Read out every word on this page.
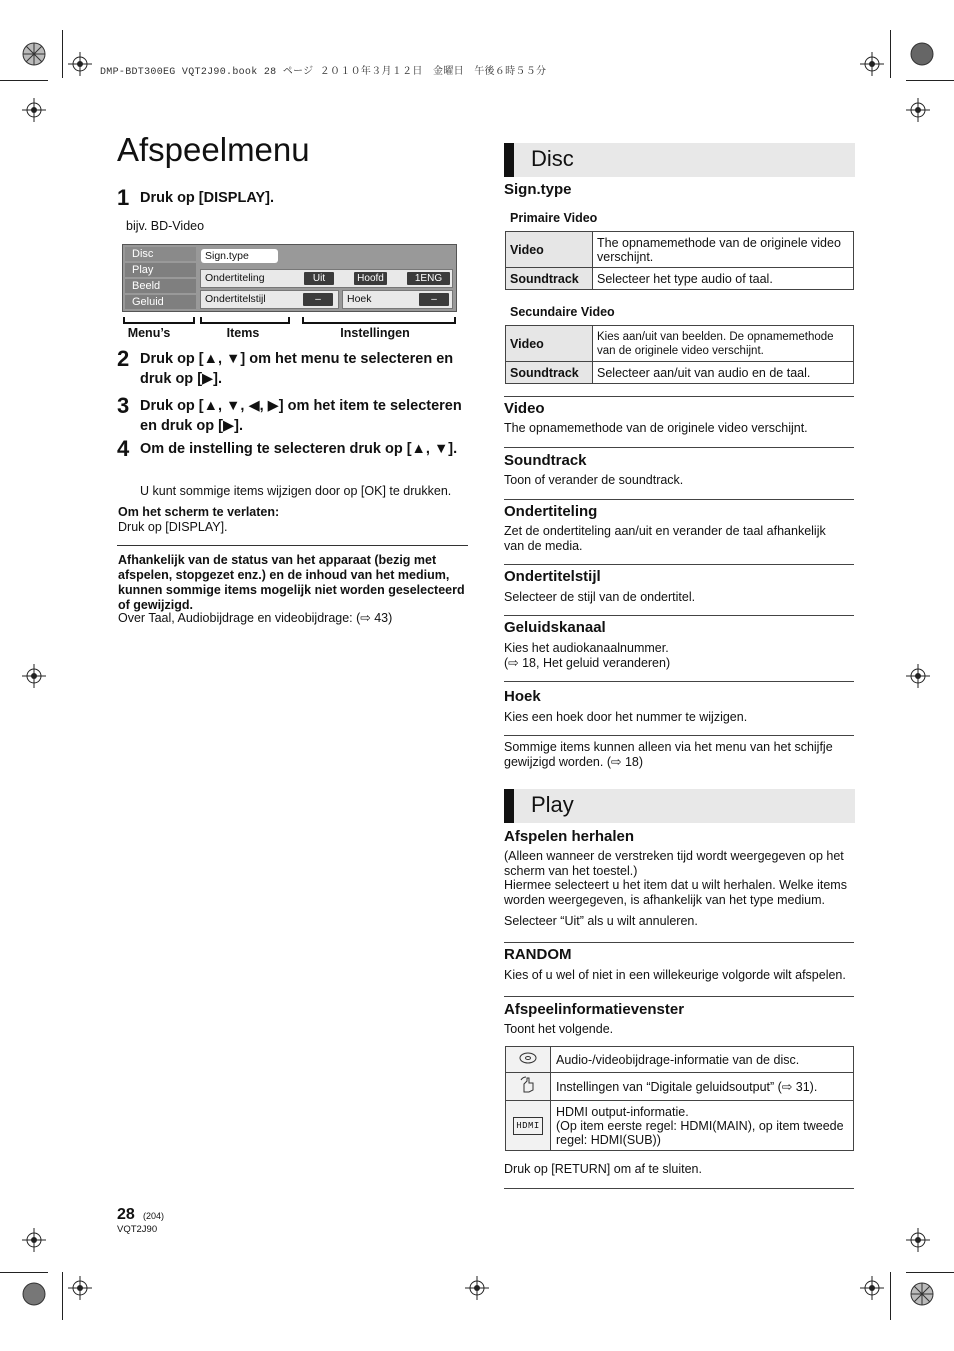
DMP-BDT300EG VQT2J90.book 28 ページ ２０１０年３月１２日　金曜日　午後６時５５分
Afspeelmenu
1 Druk op [DISPLAY].
bijv. BD-Video
Disc
Play
Beeld
Geluid
Sign.type
Ondertiteling	Uit	Hoofd	1ENG
Ondertitelstijl	–	Hoek	–
Menu’s	Items	Instellingen
2 Druk op [▲, ▼] om het menu te selecteren en druk op [▶].
3 Druk op [▲, ▼, ◀, ▶] om het item te selecteren en druk op [▶].
4 Om de instelling te selecteren druk op [▲, ▼].
U kunt sommige items wijzigen door op [OK] te drukken.
Om het scherm te verlaten:
Druk op [DISPLAY].
Afhankelijk van de status van het apparaat (bezig met afspelen, stopgezet enz.) en de inhoud van het medium, kunnen sommige items mogelijk niet worden geselecteerd of gewijzigd.
Over Taal, Audiobijdrage en videobijdrage: (⇨ 43)
Disc
Sign.type
Primaire Video
Video	The opnamemethode van de originele video verschijnt.
Soundtrack	Selecteer het type audio of taal.
Secundaire Video
Video	Kies aan/uit van beelden. De opnamemethode van de originele video verschijnt.
Soundtrack	Selecteer aan/uit van audio en de taal.
Video
The opnamemethode van de originele video verschijnt.
Soundtrack
Toon of verander de soundtrack.
Ondertiteling
Zet de ondertiteling aan/uit en verander de taal afhankelijk van de media.
Ondertitelstijl
Selecteer de stijl van de ondertitel.
Geluidskanaal
Kies het audiokanaalnummer.
(⇨ 18, Het geluid veranderen)
Hoek
Kies een hoek door het nummer te wijzigen.
Sommige items kunnen alleen via het menu van het schijfje gewijzigd worden. (⇨ 18)
Play
Afspelen herhalen
(Alleen wanneer de verstreken tijd wordt weergegeven op het scherm van het toestel.)
Hiermee selecteert u het item dat u wilt herhalen. Welke items worden weergegeven, is afhankelijk van het type medium.
Selecteer “Uit” als u wilt annuleren.
RANDOM
Kies of u wel of niet in een willekeurige volgorde wilt afspelen.
Afspeelinformatievenster
Toont het volgende.
	Audio-/videobijdrage-informatie van de disc.
	Instellingen van “Digitale geluidsoutput” (⇨ 31).
HDMI	HDMI output-informatie.
(Op item eerste regel: HDMI(MAIN), op item tweede regel: HDMI(SUB))
Druk op [RETURN] om af te sluiten.
28 (204)
VQT2J90
